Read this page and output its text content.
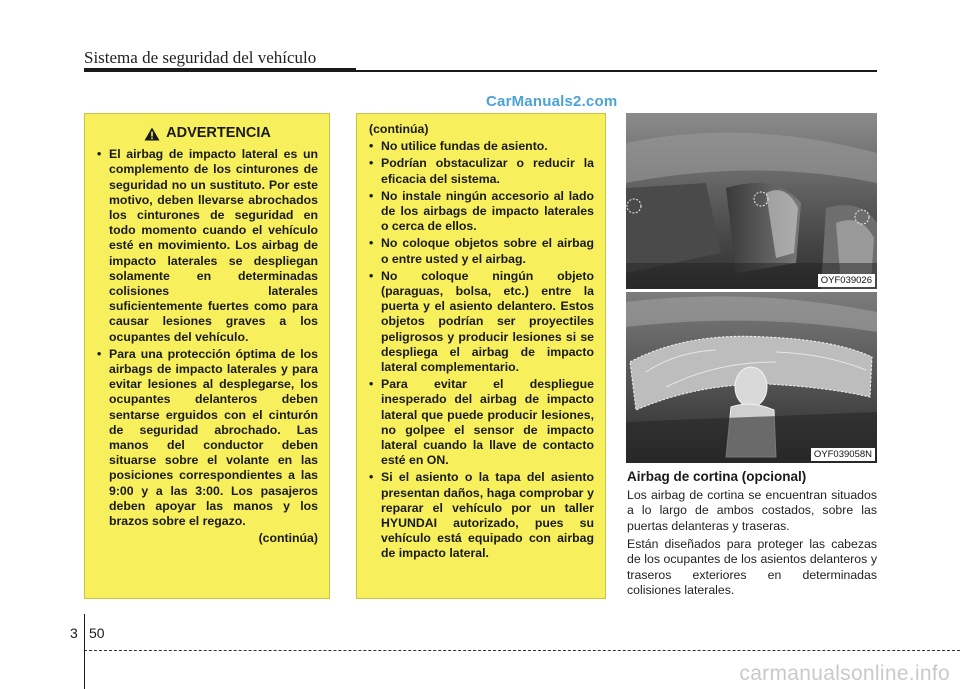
Sistema de seguridad del vehículo
CarManuals2.com
ADVERTENCIA
• El airbag de impacto lateral es un complemento de los cinturones de seguridad no un sustituto. Por este motivo, deben llevarse abrochados los cinturones de seguridad en todo momento cuando el vehículo esté en movimiento. Los airbag de impacto laterales se despliegan solamente en determinadas colisiones laterales suficientemente fuertes como para causar lesiones graves a los ocupantes del vehículo.
• Para una protección óptima de los airbags de impacto laterales y para evitar lesiones al desplegarse, los ocupantes delanteros deben sentarse erguidos con el cinturón de seguridad abrochado. Las manos del conductor deben situarse sobre el volante en las posiciones correspondientes a las 9:00 y a las 3:00. Los pasajeros deben apoyar las manos y los brazos sobre el regazo.
(continúa)
(continúa)
• No utilice fundas de asiento.
• Podrían obstaculizar o reducir la eficacia del sistema.
• No instale ningún accesorio al lado de los airbags de impacto laterales o cerca de ellos.
• No coloque objetos sobre el airbag o entre usted y el airbag.
• No coloque ningún objeto (paraguas, bolsa, etc.) entre la puerta y el asiento delantero. Estos objetos podrían ser proyectiles peligrosos y producir lesiones si se despliega el airbag de impacto lateral complementario.
• Para evitar el despliegue inesperado del airbag de impacto lateral que puede producir lesiones, no golpee el sensor de impacto lateral cuando la llave de contacto esté en ON.
• Si el asiento o la tapa del asiento presentan daños, haga comprobar y reparar el vehículo por un taller HYUNDAI autorizado, pues su vehículo está equipado con airbag de impacto lateral.
OYF039026
OYF039058N
Airbag de cortina (opcional)

Los airbag de cortina se encuentran situados a lo largo de ambos costados, sobre las puertas delanteras y traseras.

Están diseñados para proteger las cabezas de los ocupantes de los asientos delanteros y traseros exteriores en determinadas colisiones laterales.

3 50
carmanualsonline.info
